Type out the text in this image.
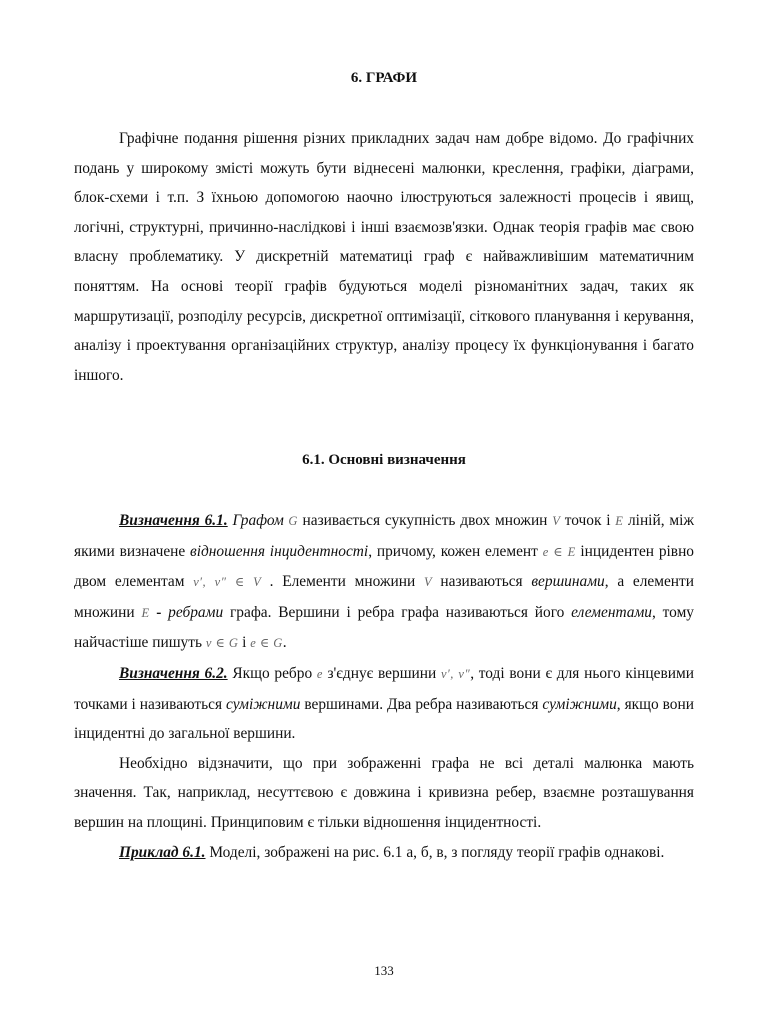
6. ГРАФИ

Графічне подання рішення різних прикладних задач нам добре відомо. До графічних подань у широкому змісті можуть бути віднесені малюнки, креслення, графіки, діаграми, блок-схеми і т.п. З їхньою допомогою наочно ілюструються залежності процесів і явищ, логічні, структурні, причинно-наслідкові і інші взаємозв'язки. Однак теорія графів має свою власну проблематику. У дискретній математиці граф є найважливішим математичним поняттям. На основі теорії графів будуються моделі різноманітних задач, таких як маршрутизації, розподілу ресурсів, дискретної оптимізації, сіткового планування і керування, аналізу і проектування організаційних структур, аналізу процесу їх функціонування і багато іншого.

6.1. Основні визначення

Визначення 6.1. Графом G називається сукупність двох множин V точок і E ліній, між якими визначене відношення інцидентності, причому, кожен елемент e ∈ E інцидентен рівно двом елементам v′, v″ ∈ V . Елементи множини V називаються вершинами, а елементи множини E - ребрами графа. Вершини і ребра графа називаються його елементами, тому найчастіше пишуть v ∈ G і e ∈ G.

Визначення 6.2. Якщо ребро e з'єднує вершини v′, v″, тоді вони є для нього кінцевими точками і називаються суміжними вершинами. Два ребра називаються суміжними, якщо вони інцидентні до загальної вершини.

Необхідно відзначити, що при зображенні графа не всі деталі малюнка мають значення. Так, наприклад, несуттєвою є довжина і кривизна ребер, взаємне розташування вершин на площині. Принциповим є тільки відношення інцидентності.

Приклад 6.1. Моделі, зображені на рис. 6.1 а, б, в, з погляду теорії графів однакові.

133
